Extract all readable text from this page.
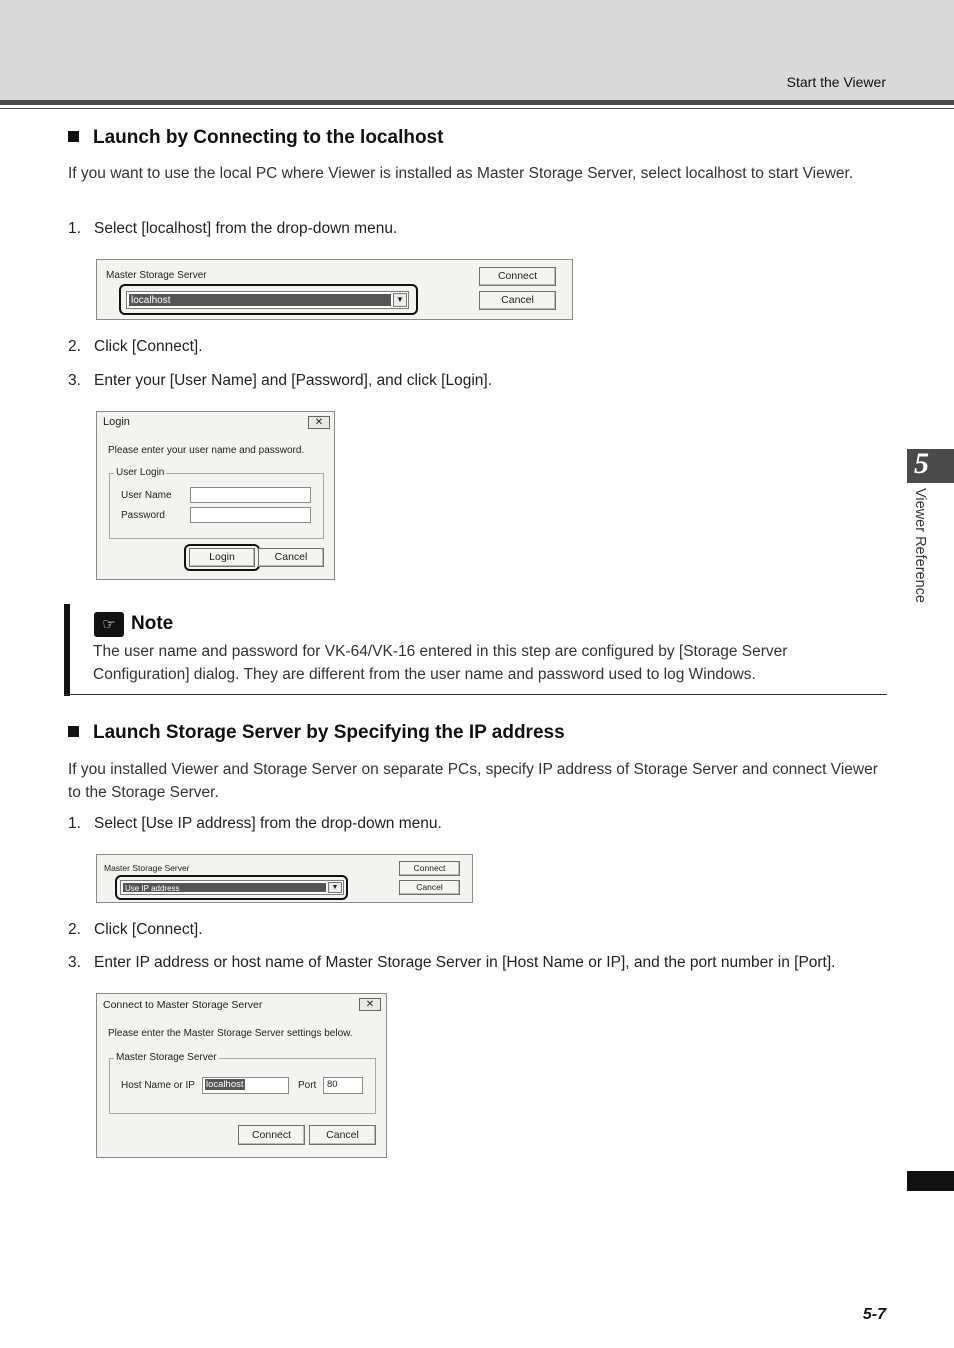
Start the Viewer
Launch by Connecting to the localhost
If you want to use the local PC where Viewer is installed as Master Storage Server, select localhost to start Viewer.
1. Select [localhost] from the drop-down menu.
Master Storage Server
localhost	▼
Connect
Cancel
2. Click [Connect].
3. Enter your [User Name] and [Password], and click [Login].
Login	✕
Please enter your user name and password.
User Login
User Name
Password
Login	Cancel
☞ Note
The user name and password for VK-64/VK-16 entered in this step are configured by [Storage Server Configuration] dialog. They are different from the user name and password used to log Windows.
Launch Storage Server by Specifying the IP address
If you installed Viewer and Storage Server on separate PCs, specify IP address of Storage Server and connect Viewer to the Storage Server.
1. Select [Use IP address] from the drop-down menu.
Master Storage Server
Use IP address	▼
Connect
Cancel
2. Click [Connect].
3. Enter IP address or host name of Master Storage Server in [Host Name or IP], and the port number in [Port].
Connect to Master Storage Server	✕
Please enter the Master Storage Server settings below.
Master Storage Server
Host Name or IP	localhost	Port	80
Connect	Cancel
5
Viewer Reference
5-7
